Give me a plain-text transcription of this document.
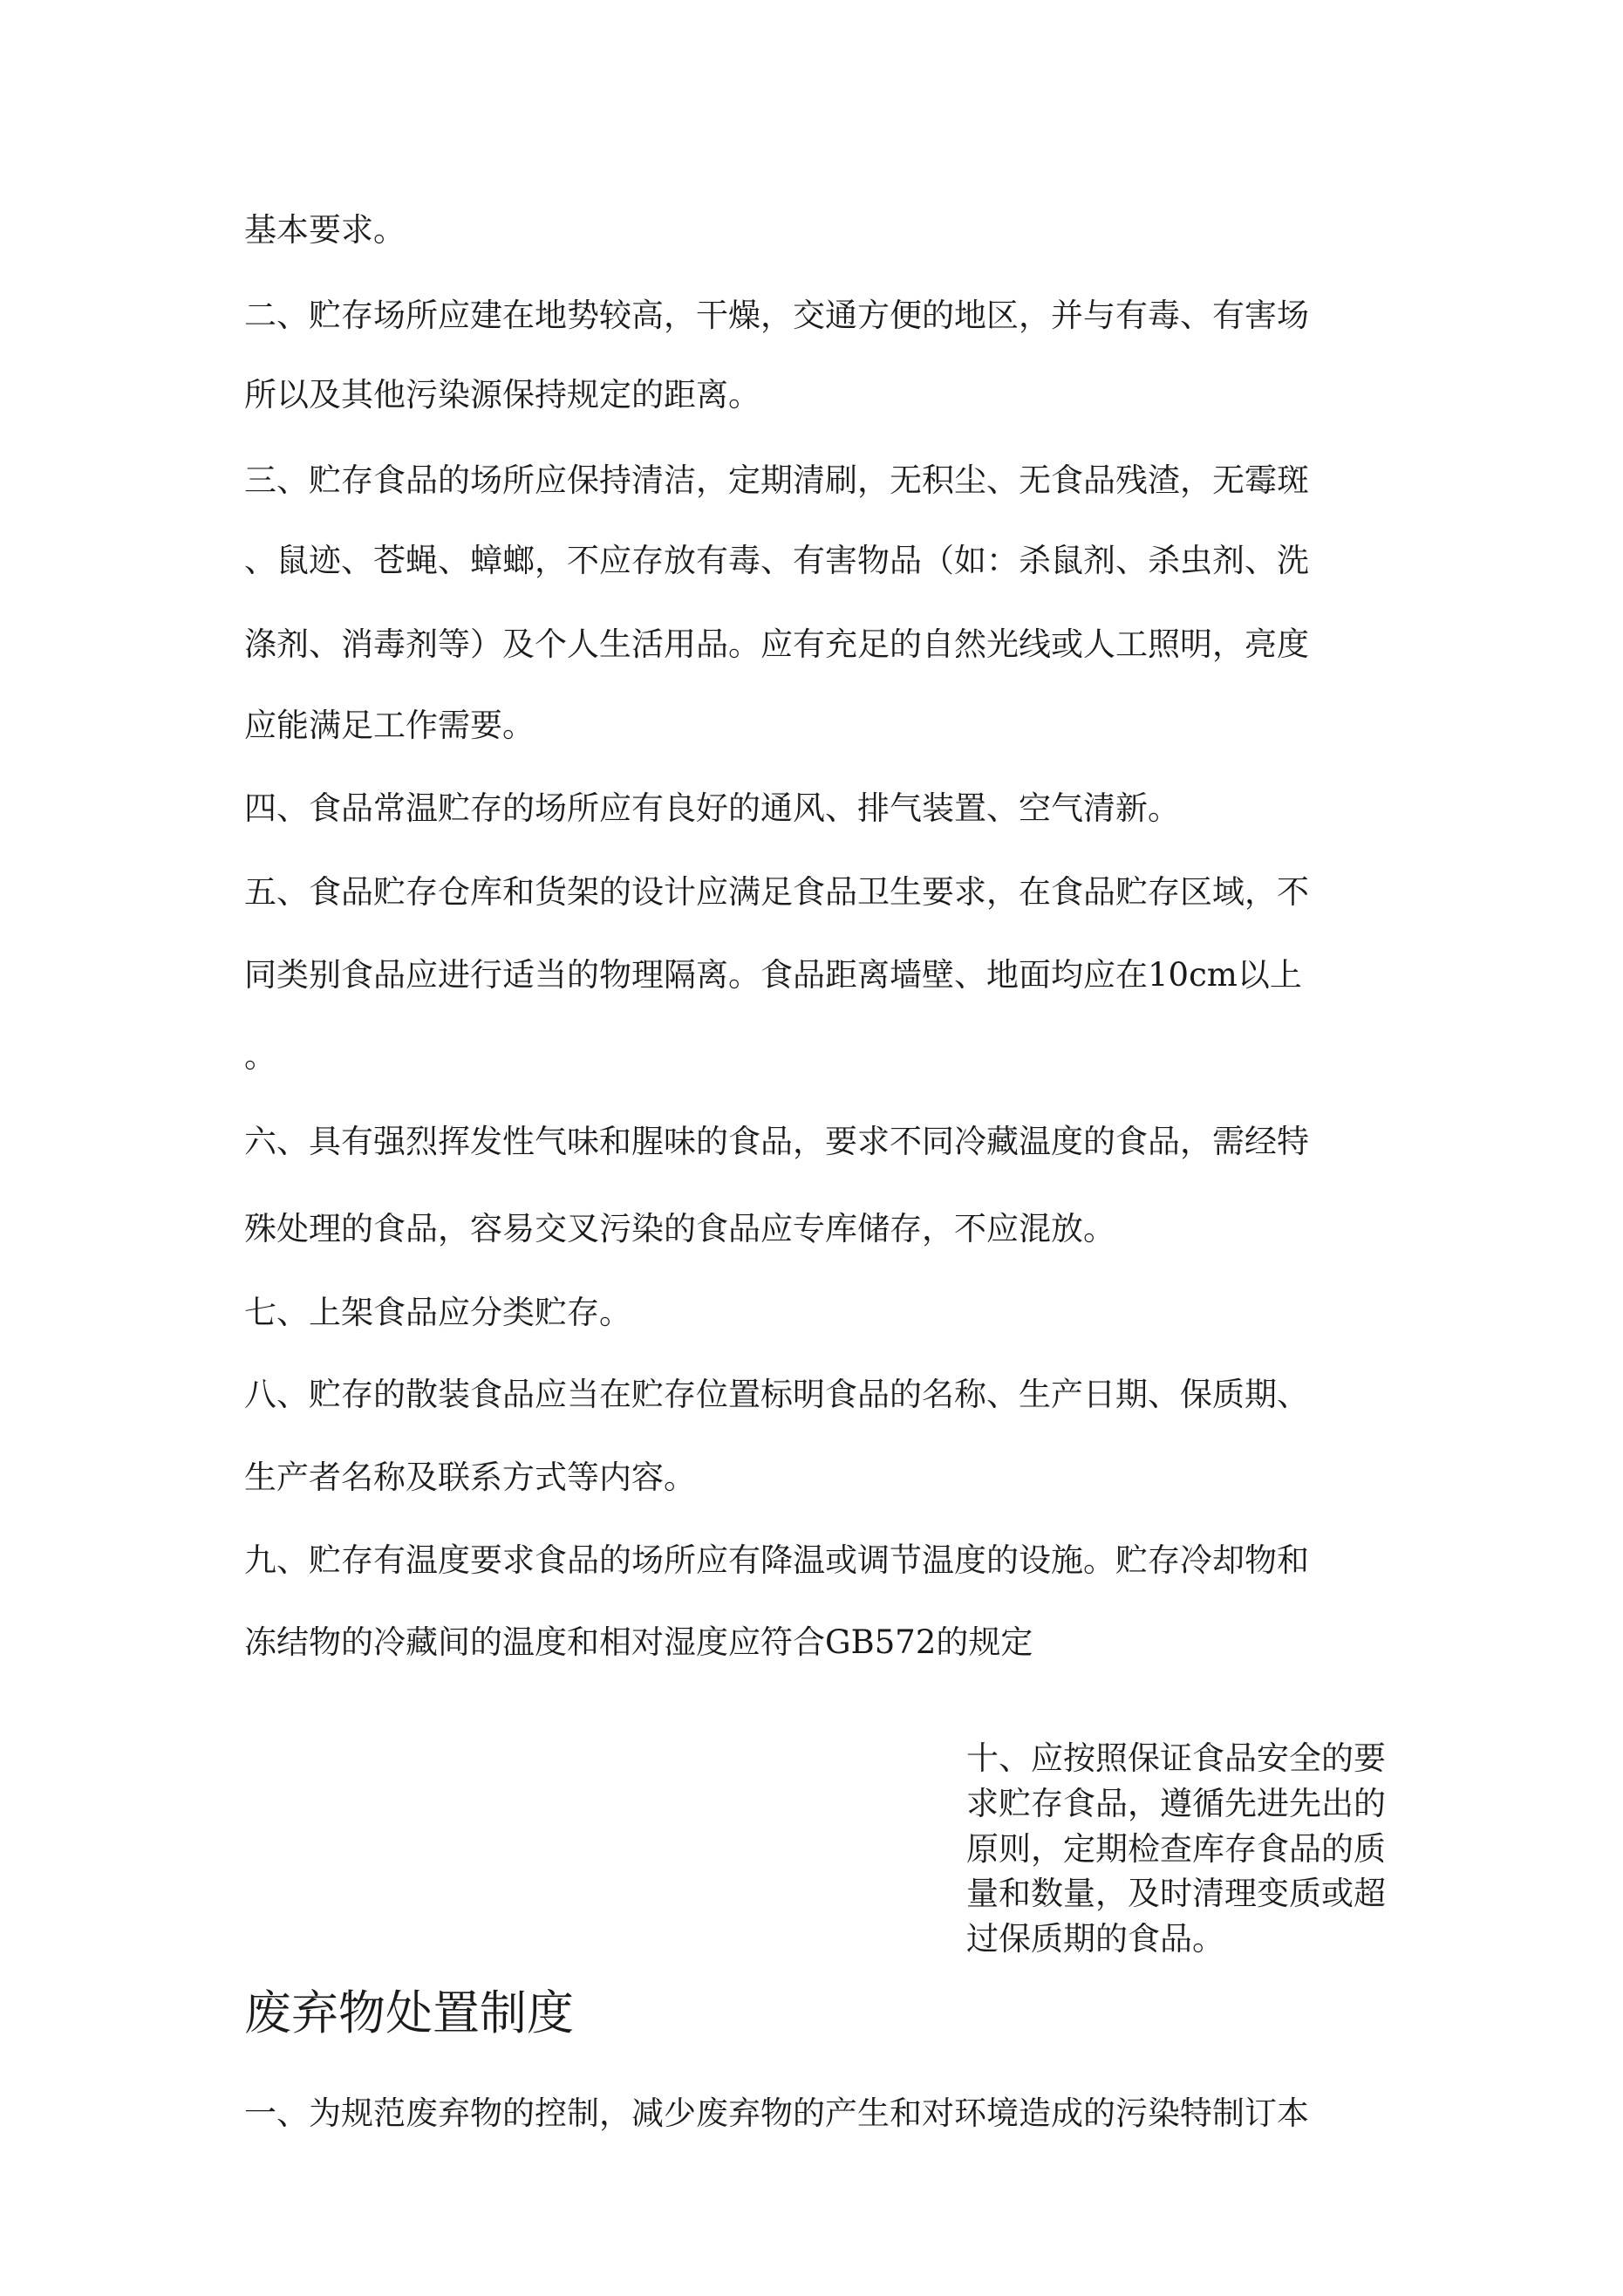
基本要求。
二、贮存场所应建在地势较高，干燥，交通方便的地区，并与有毒、有害场
所以及其他污染源保持规定的距离。
三、贮存食品的场所应保持清洁，定期清刷，无积尘、无食品残渣，无霉斑
、鼠迹、苍蝇、蟑螂，不应存放有毒、有害物品（如：杀鼠剂、杀虫剂、洗
涤剂、消毒剂等）及个人生活用品。应有充足的自然光线或人工照明，亮度
应能满足工作需要。
四、食品常温贮存的场所应有良好的通风、排气装置、空气清新。
五、食品贮存仓库和货架的设计应满足食品卫生要求，在食品贮存区域，不
同类别食品应进行适当的物理隔离。食品距离墙壁、地面均应在10cm以上
。
六、具有强烈挥发性气味和腥味的食品，要求不同冷藏温度的食品，需经特
殊处理的食品，容易交叉污染的食品应专库储存，不应混放。
七、上架食品应分类贮存。
八、贮存的散装食品应当在贮存位置标明食品的名称、生产日期、保质期、
生产者名称及联系方式等内容。
九、贮存有温度要求食品的场所应有降温或调节温度的设施。贮存冷却物和
冻结物的冷藏间的温度和相对湿度应符合GB572的规定
十、应按照保证食品安全的要求贮存食品，遵循先进先出的原则，定期检查库存食品的质量和数量，及时清理变质或超过保质期的食品。
废弃物处置制度
一、为规范废弃物的控制，减少废弃物的产生和对环境造成的污染特制订本
